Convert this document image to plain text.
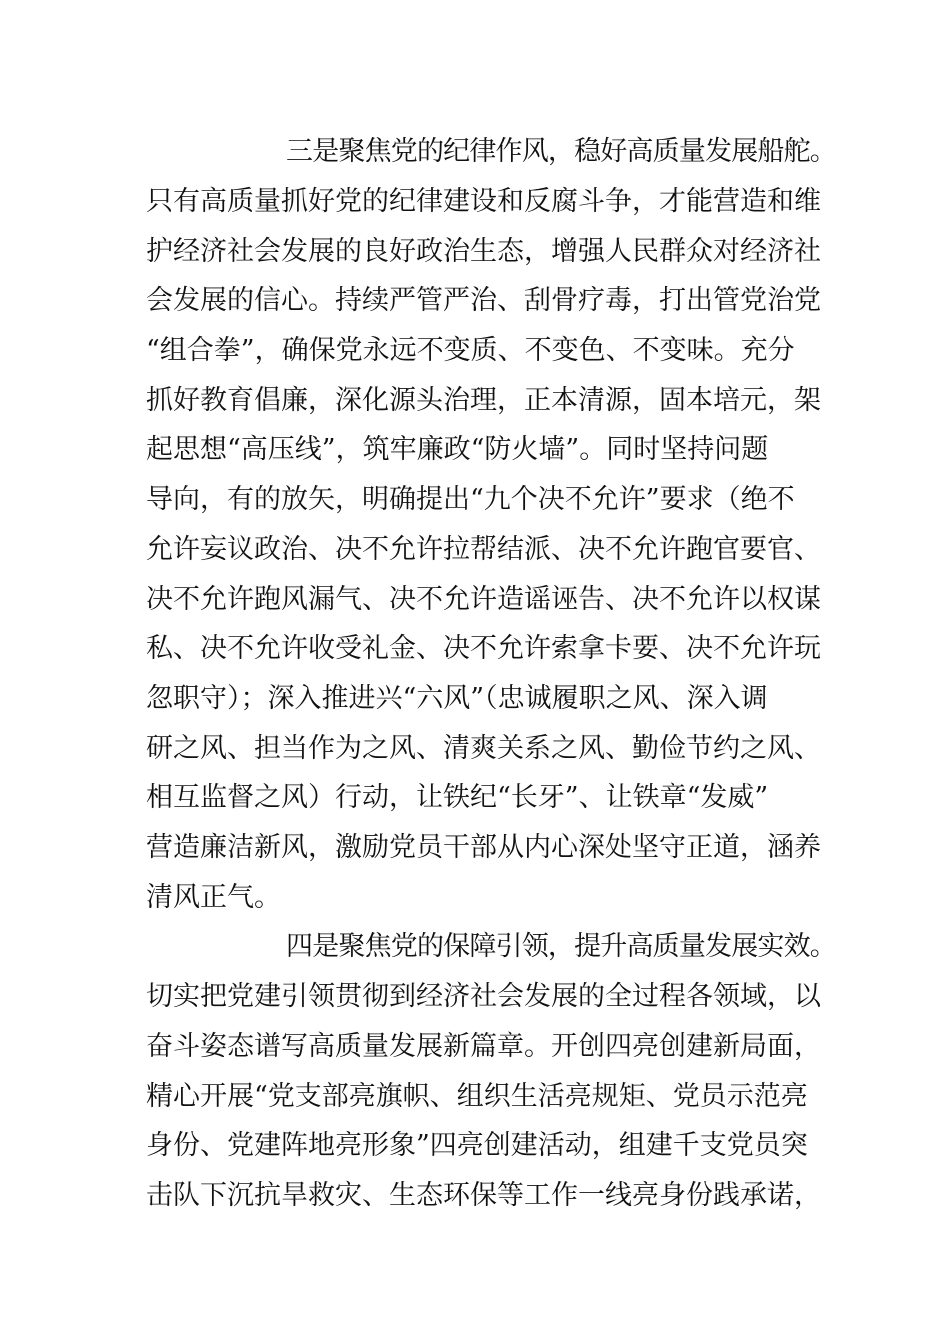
三是聚焦党的纪律作风，稳好高质量发展船舵。
只有高质量抓好党的纪律建设和反腐斗争，才能营造和维
护经济社会发展的良好政治生态，增强人民群众对经济社
会发展的信心。持续严管严治、刮骨疗毒，打出管党治党
“组合拳”，确保党永远不变质、不变色、不变味。充分
抓好教育倡廉，深化源头治理，正本清源，固本培元，架
起思想“高压线”，筑牢廉政“防火墙”。同时坚持问题
导向，有的放矢，明确提出“九个决不允许”要求（绝不
允许妄议政治、决不允许拉帮结派、决不允许跑官要官、
决不允许跑风漏气、决不允许造谣诬告、决不允许以权谋
私、决不允许收受礼金、决不允许索拿卡要、决不允许玩
忽职守）；深入推进兴“六风”（忠诚履职之风、深入调
研之风、担当作为之风、清爽关系之风、勤俭节约之风、
相互监督之风）行动，让铁纪“长牙”、让铁章“发威”
营造廉洁新风，激励党员干部从内心深处坚守正道，涵养
清风正气。
四是聚焦党的保障引领，提升高质量发展实效。
切实把党建引领贯彻到经济社会发展的全过程各领域，以
奋斗姿态谱写高质量发展新篇章。开创四亮创建新局面，
精心开展“党支部亮旗帜、组织生活亮规矩、党员示范亮
身份、党建阵地亮形象”四亮创建活动，组建千支党员突
击队下沉抗旱救灾、生态环保等工作一线亮身份践承诺，
